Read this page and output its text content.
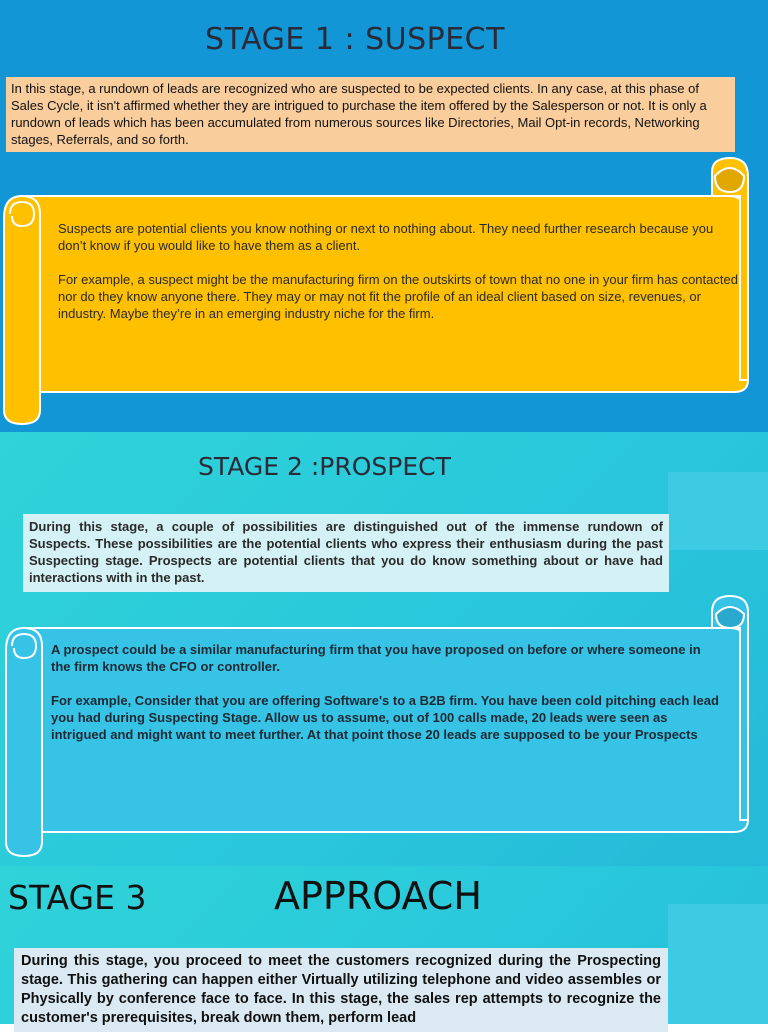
STAGE 1 : SUSPECT
In this stage, a rundown of leads are recognized who are suspected to be expected clients. In any case, at this phase of Sales Cycle, it isn't affirmed whether they are intrigued to purchase the item offered by the Salesperson or not. It is only a rundown of leads which has been accumulated from numerous sources like Directories, Mail Opt-in records, Networking stages, Referrals, and so forth.

Suspects are potential clients you know nothing or next to nothing about. They need further research because you don’t know if you would like to have them as a client.

For example, a suspect might be the manufacturing firm on the outskirts of town that no one in your firm has contacted nor do they know anyone there. They may or may not fit the profile of an ideal client based on size, revenues, or industry. Maybe they’re in an emerging industry niche for the firm.

STAGE 2 :PROSPECT
During this stage, a couple of possibilities are distinguished out of the immense rundown of Suspects. These possibilities are the potential clients who express their enthusiasm during the past Suspecting stage. Prospects are potential clients that you do know something about or have had interactions with in the past.

A prospect could be a similar manufacturing firm that you have proposed on before or where someone in the firm knows the CFO or controller.

For example, Consider that you are offering Software's to a B2B firm. You have been cold pitching each lead you had during Suspecting Stage. Allow us to assume, out of 100 calls made, 20 leads were seen as intrigued and might want to meet further. At that point those 20 leads are supposed to be your Prospects

STAGE 3	APPROACH
During this stage, you proceed to meet the customers recognized during the Prospecting stage. This gathering can happen either Virtually utilizing telephone and video assembles or Physically by conference face to face. In this stage, the sales rep attempts to recognize the customer's prerequisites, break down them, perform lead
